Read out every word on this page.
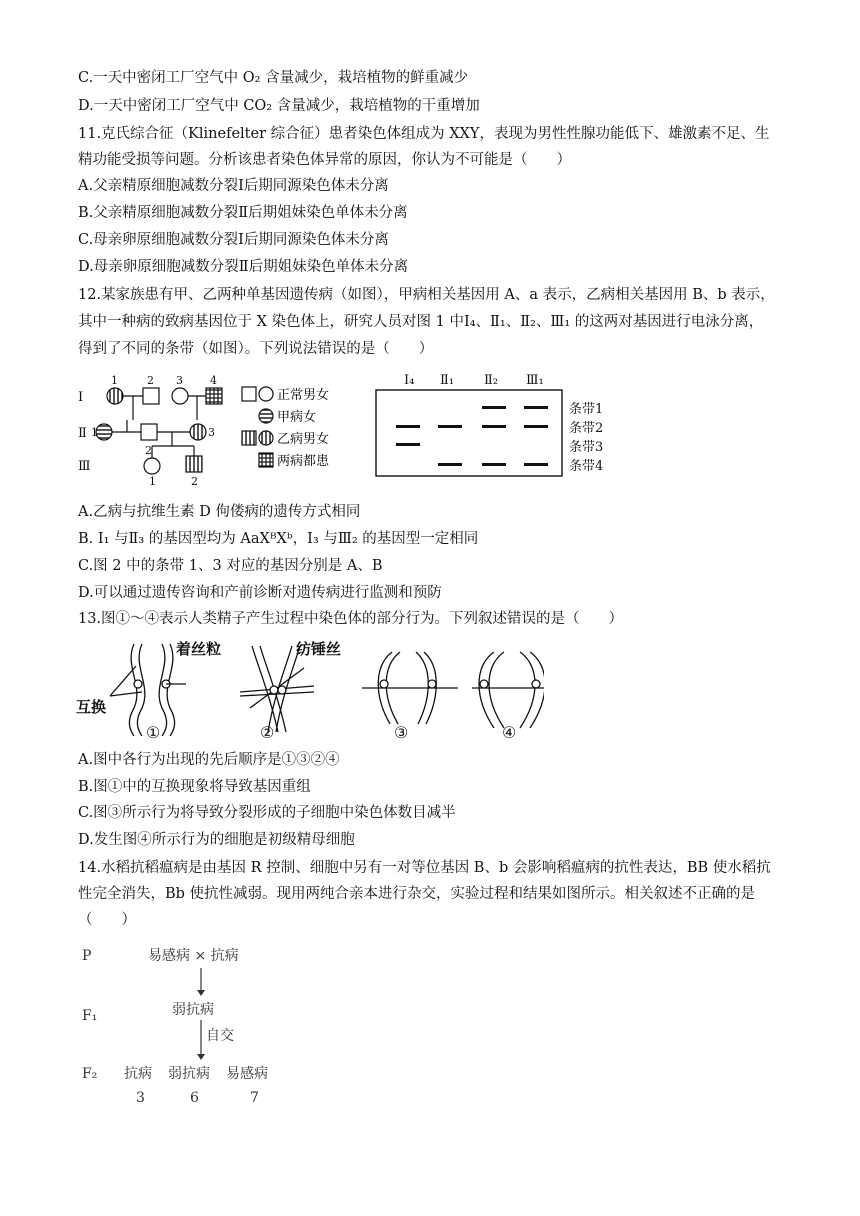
C.一天中密闭工厂空气中 O₂ 含量减少，栽培植物的鲜重减少
D.一天中密闭工厂空气中 CO₂ 含量减少，栽培植物的干重增加
11.克氏综合征（Klinefelter 综合征）患者染色体组成为 XXY，表现为男性性腺功能低下、雄激素不足、生
精功能受损等问题。分析该患者染色体异常的原因，你认为不可能是（　　）
A.父亲精原细胞减数分裂Ⅰ后期同源染色体未分离
B.父亲精原细胞减数分裂Ⅱ后期姐妹染色单体未分离
C.母亲卵原细胞减数分裂Ⅰ后期同源染色体未分离
D.母亲卵原细胞减数分裂Ⅱ后期姐妹染色单体未分离
12.某家族患有甲、乙两种单基因遗传病（如图），甲病相关基因用 A、a 表示，乙病相关基因用 B、b 表示，
其中一种病的致病基因位于 X 染色体上，研究人员对图 1 中Ⅰ₄、Ⅱ₁、Ⅱ₂、Ⅲ₁ 的这两对基因进行电泳分离，
得到了不同的条带（如图）。下列说法错误的是（　　）
Ⅰ
Ⅱ
Ⅲ
1	2 3 4
1
2
3
1	2
正常男女
甲病女
乙病男女
两病都患
Ⅰ₄ Ⅱ₁ Ⅱ₂ Ⅲ₁
条带1
条带2
条带3
条带4
A.乙病与抗维生素 D 佝偻病的遗传方式相同
B. Ⅰ₁ 与Ⅱ₃ 的基因型均为 AaXᴮXᵇ，Ⅰ₃ 与Ⅲ₂ 的基因型一定相同
C.图 2 中的条带 1、3 对应的基因分别是 A、B
D.可以通过遗传咨询和产前诊断对遗传病进行监测和预防
13.图①～④表示人类精子产生过程中染色体的部分行为。下列叙述错误的是（　　）
着丝粒	纺锤丝
互换
①	②	③	④
A.图中各行为出现的先后顺序是①③②④
B.图①中的互换现象将导致基因重组
C.图③所示行为将导致分裂形成的子细胞中染色体数目减半
D.发生图④所示行为的细胞是初级精母细胞
14.水稻抗稻瘟病是由基因 R 控制、细胞中另有一对等位基因 B、b 会影响稻瘟病的抗性表达，BB 使水稻抗
性完全消失，Bb 使抗性减弱。现用两纯合亲本进行杂交，实验过程和结果如图所示。相关叙述不正确的是
（　　）
P	易感病 × 抗病
F₁	弱抗病
自交
F₂ 抗病 弱抗病 易感病
3	6	7
